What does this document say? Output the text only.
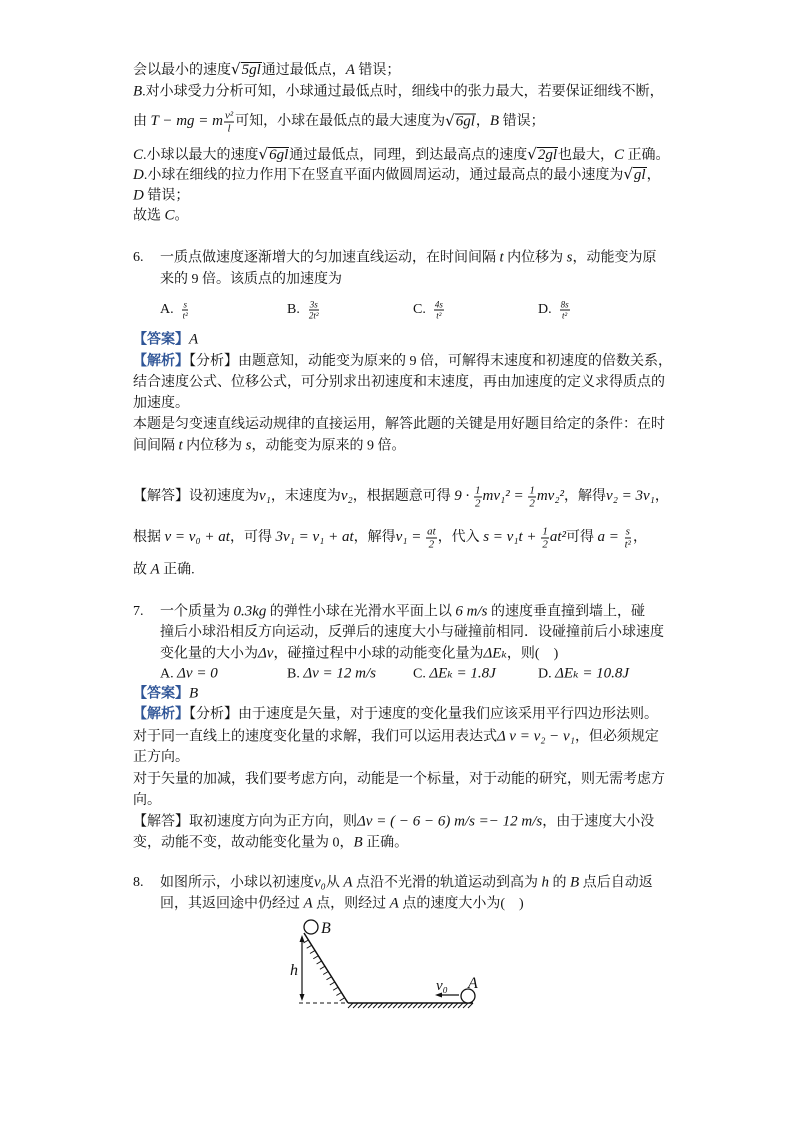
会以最小的速度 √ 5gl通过最低点，A 错误；
B.对小球受力分析可知，小球通过最低点时，细线中的张力最大，若要保证细线不断，
由 T − mg = m $\frac{\text{v²}}{l}$ 可知，小球在最低点的最大速度为 √ 6gl，B 错误；
C.小球以最大的速度 √ 6gl通过最低点，同理，到达最高点的速度 √ 2gl也最大，C 正确。
D.小球在细线的拉力作用下在竖直平面内做圆周运动，通过最高点的最小速度为 √ gl，
D 错误；
故选 C。
6. 一质点做速度逐渐增大的匀加速直线运动，在时间间隔 t 内位移为 s，动能变为原
来的 9 倍。该质点的加速度为
A. $\frac{s}{\text{t²}}$	B. $\frac{3s}{\text{2t²}}$	C. $\frac{4s}{\text{t²}}$	D. $\frac{8s}{\text{t²}}$
【答案】A
【解析】【分析】由题意知，动能变为原来的 9 倍，可解得末速度和初速度的倍数关系，
结合速度公式、位移公式，可分别求出初速度和末速度，再由加速度的定义求得质点的
加速度。
本题是匀变速直线运动规律的直接运用，解答此题的关键是用好题目给定的条件：在时
间间隔 t 内位移为 s，动能变为原来的 9 倍。
【解答】设初速度为v₁，末速度为v₂，根据题意可得 $9 \cdot \frac{1}{2} mv_1^2 = \frac{1}{2} mv_2^2$，解得v₂ = 3v₁，
根据 v = v₀ + at，可得 3v₁ = v₁ + at，解得$v_1 = \frac{at}{2}$ ，代入 $s = v_1t + \frac{1}{2} at^2$可得 $a = \frac{s}{\text{t²}}$ ，
故 A 正确.
7. 一个质量为 0.3kg 的弹性小球在光滑水平面上以 6 m/s 的速度垂直撞到墙上，碰
撞后小球沿相反方向运动，反弹后的速度大小与碰撞前相同．设碰撞前后小球速度
变化量的大小为Δv，碰撞过程中小球的动能变化量为ΔEₖ，则(    )
A. Δv = 0	B. Δv = 12 m/s	C. ΔEₖ = 1.8J	D. ΔEₖ = 10.8J
【答案】B
【解析】【分析】由于速度是矢量，对于速度的变化量我们应该采用平行四边形法则。
对于同一直线上的速度变化量的求解，我们可以运用表达式Δ v = v₂ − v₁，但必须规定
正方向。
对于矢量的加减，我们要考虑方向，动能是一个标量，对于动能的研究，则无需考虑方
向。
【解答】取初速度方向为正方向，则Δv = ( − 6 − 6) m/s =− 12 m/s，由于速度大小没
变，动能不变，故动能变化量为 0，B 正确。
8. 如图所示，小球以初速度v₀从 A 点沿不光滑的轨道运动到高为 h 的 B 点后自动返
回，其返回途中仍经过 A 点，则经过 A 点的速度大小为(    )
h
B
A
v₀
